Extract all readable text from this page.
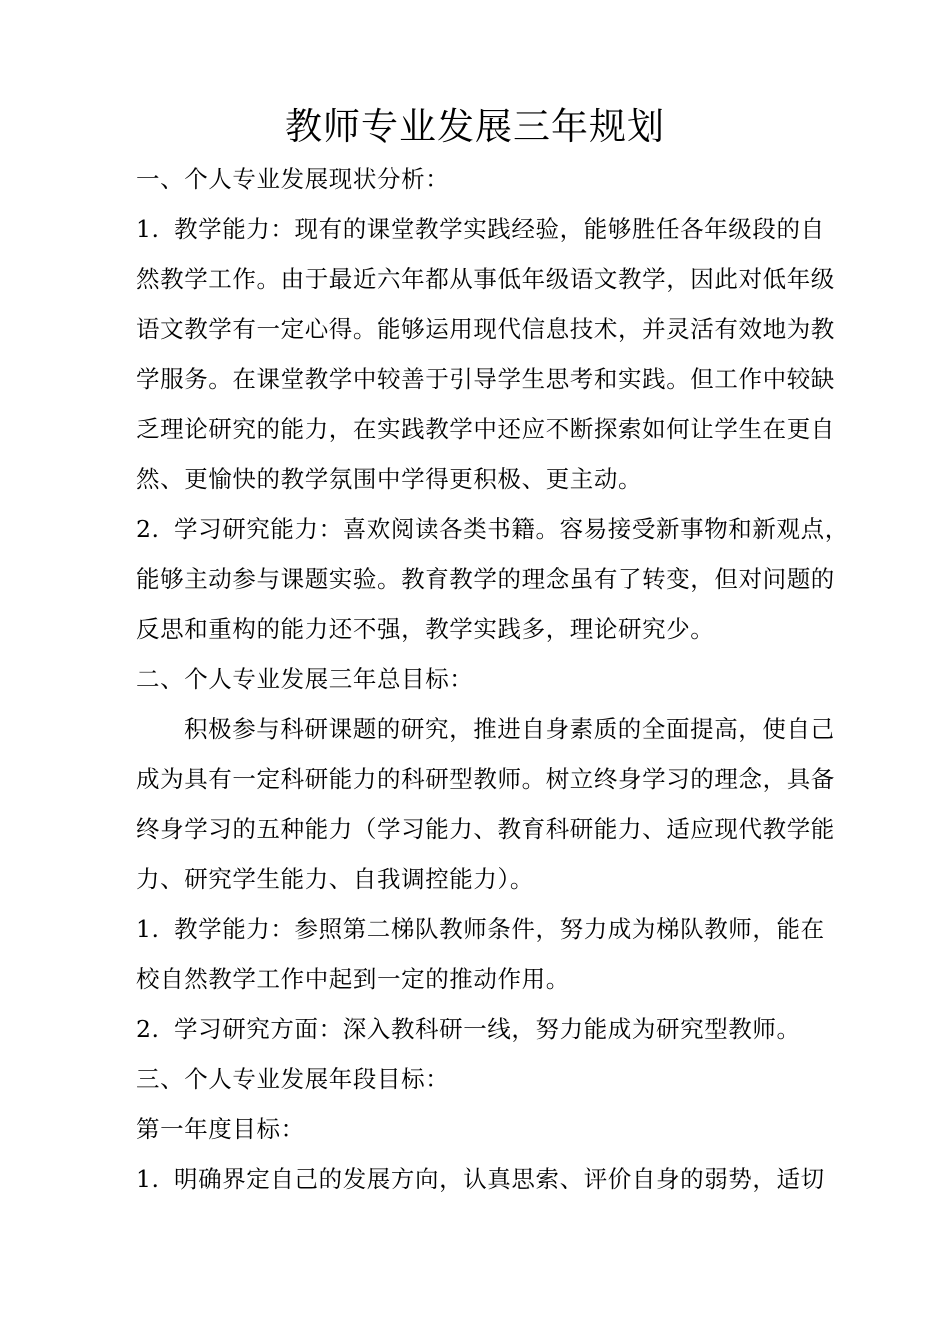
教师专业发展三年规划
一、个人专业发展现状分析：
1. 教学能力：现有的课堂教学实践经验，能够胜任各年级段的自
然教学工作。由于最近六年都从事低年级语文教学，因此对低年级
语文教学有一定心得。能够运用现代信息技术，并灵活有效地为教
学服务。在课堂教学中较善于引导学生思考和实践。但工作中较缺
乏理论研究的能力，在实践教学中还应不断探索如何让学生在更自
然、更愉快的教学氛围中学得更积极、更主动。
2. 学习研究能力：喜欢阅读各类书籍。容易接受新事物和新观点，
能够主动参与课题实验。教育教学的理念虽有了转变，但对问题的
反思和重构的能力还不强，教学实践多，理论研究少。
二、个人专业发展三年总目标：
积极参与科研课题的研究，推进自身素质的全面提高，使自己
成为具有一定科研能力的科研型教师。树立终身学习的理念，具备
终身学习的五种能力（学习能力、教育科研能力、适应现代教学能
力、研究学生能力、自我调控能力）。
1. 教学能力：参照第二梯队教师条件，努力成为梯队教师，能在
校自然教学工作中起到一定的推动作用。
2. 学习研究方面：深入教科研一线，努力能成为研究型教师。
三、个人专业发展年段目标：
第一年度目标：
1. 明确界定自己的发展方向，认真思索、评价自身的弱势，适切
